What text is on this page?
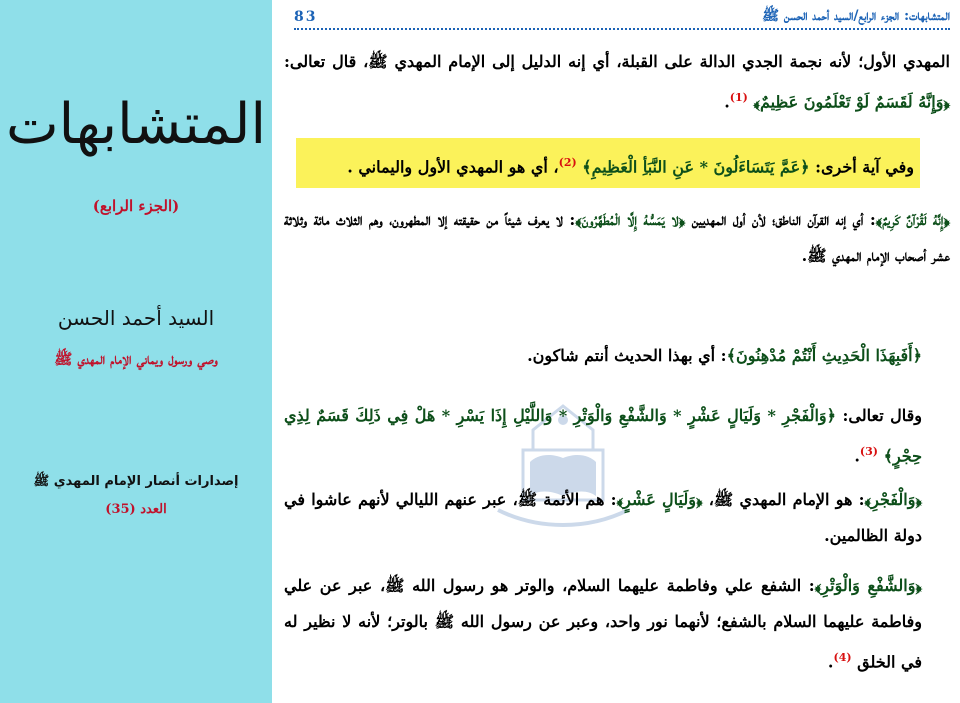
المتشابهات
(الجزء الرابع)
السيد أحمد الحسن
وصي ورسول ويماني الإمام المهدي ﷺ
إصدارات أنصار الإمام المهدي ﷺ
العدد (35)
المتشابهات: الجزء الرابع/السيد أحمد الحسن ﷺ
83
المهدي الأول؛ لأنه نجمة الجدي الدالة على القبلة، أي إنه الدليل إلى الإمام المهدي ﷺ، قال تعالى: ﴿وَإِنَّهُ لَقَسَمٌ لَوْ تَعْلَمُونَ عَظِيمٌ﴾ $^{(1)}$.
وفي آية أخرى: ﴿عَمَّ يَتَسَاءَلُونَ * عَنِ النَّبَأِ الْعَظِيمِ﴾ $^{(2)}$، أي هو المهدي الأول واليماني .
﴿إِنَّهُ لَقُرْآنٌ كَرِيمٌ﴾: أي إنه القرآن الناطق؛ لأن أول المهديين ﴿لا يَمَسُّهُ إِلَّا الْمُطَهَّرُونَ﴾: لا يعرف شيئاً من حقيقته إلا المطهرون، وهم الثلاث مائة وثلاثة عشر أصحاب الإمام المهدي ﷺ.
﴿أَفَبِهَذَا الْحَدِيثِ أَنْتُمْ مُدْهِنُونَ﴾: أي بهذا الحديث أنتم شاكون.
وقال تعالى: ﴿وَالْفَجْرِ * وَلَيَالٍ عَشْرٍ * وَالشَّفْعِ وَالْوَتْرِ * وَاللَّيْلِ إِذَا يَسْرِ * هَلْ فِي ذَلِكَ قَسَمٌ لِذِي حِجْرٍ﴾ $^{(3)}$.
﴿وَالْفَجْرِ﴾: هو الإمام المهدي ﷺ، ﴿وَلَيَالٍ عَشْرٍ﴾: هم الأئمة ﷺ، عبر عنهم الليالي لأنهم عاشوا في دولة الظالمين.
﴿وَالشَّفْعِ وَالْوَتْرِ﴾: الشفع علي وفاطمة عليهما السلام، والوتر هو رسول الله ﷺ، عبر عن علي وفاطمة عليهما السلام بالشفع؛ لأنهما نور واحد، وعبر عن رسول الله ﷺ بالوتر؛ لأنه لا نظير له في الخلق $^{(4)}$.
